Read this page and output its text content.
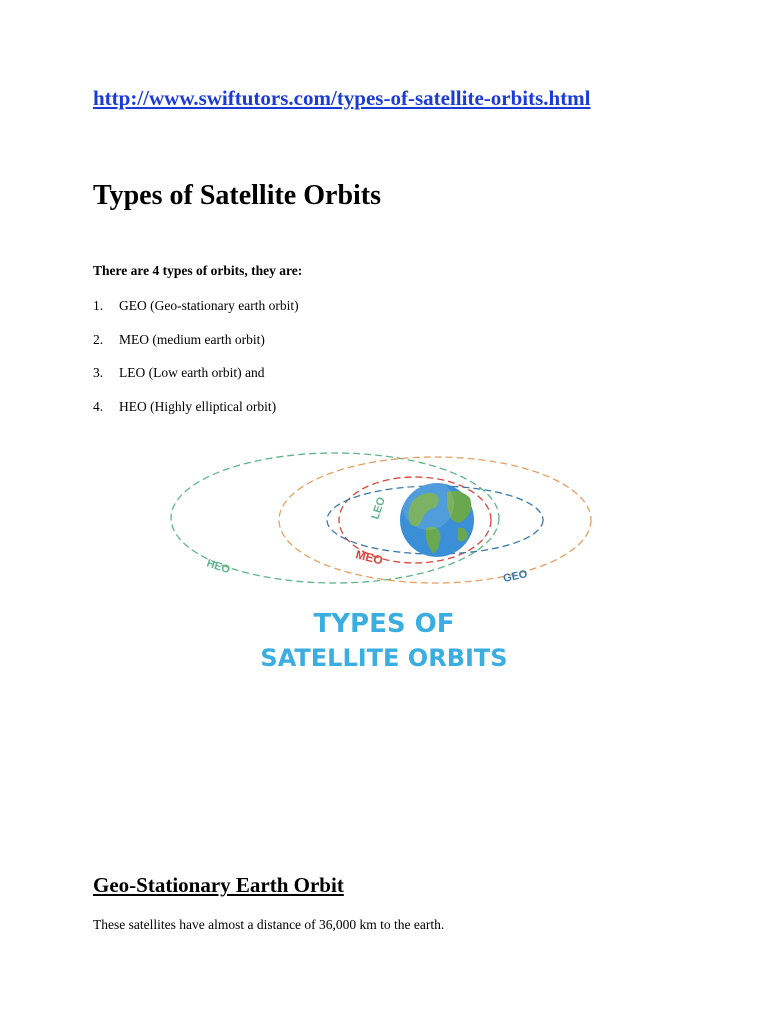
http://www.swiftutors.com/types-of-satellite-orbits.html
Types of Satellite Orbits
There are 4 types of orbits, they are:
1. GEO (Geo-stationary earth orbit)
2. MEO (medium earth orbit)
3. LEO (Low earth orbit) and
4. HEO (Highly elliptical orbit)
LEO
MEO
HEO
GEO
TYPES OF
SATELLITE ORBITS
Geo-Stationary Earth Orbit
These satellites have almost a distance of 36,000 km to the earth.
